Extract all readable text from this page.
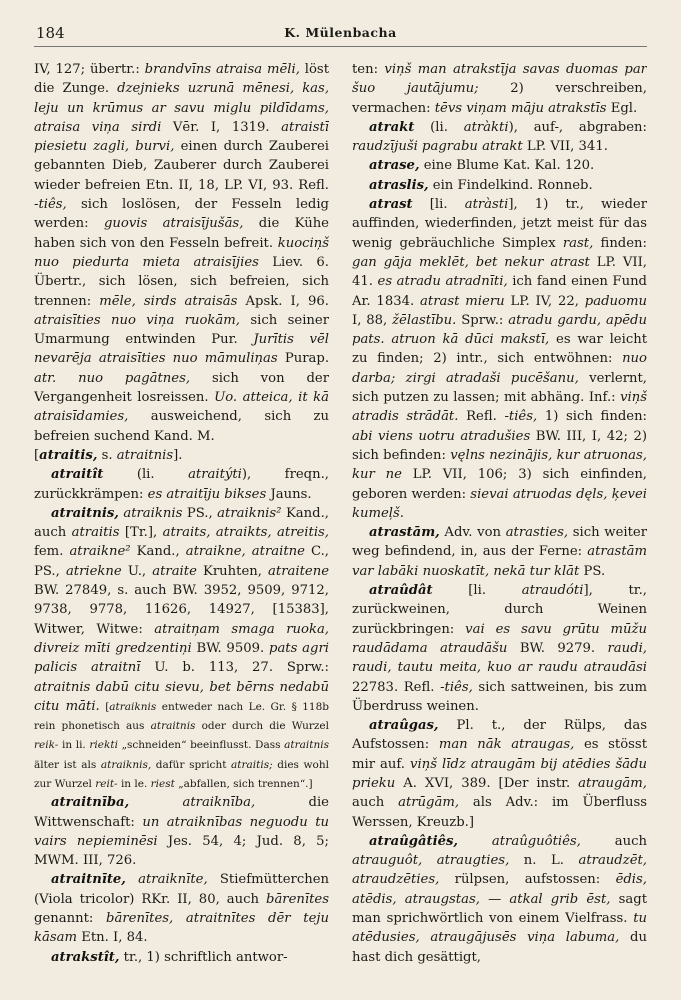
184	K. Mülenbacha

IV, 127; übertr.: brandvīns atraisa mēli, löst die Zunge. dzejnieks uzrunā mēnesi, kas, leju un krūmus ar savu miglu pildīdams, atraisa viņa sirdi Vēr. I, 1319. atraistī piesietu zagli, burvi, einen durch Zauberei gebannten Dieb, Zauberer durch Zauberei wieder befreien Etn. II, 18, LP. VI, 93. Refl. -tiês, sich loslösen, der Fesseln ledig werden: guovis atraisījušās, die Kühe haben sich von den Fesseln befreit. kuociņš nuo piedurta mieta atraisījies Liev. 6. Übertr., sich lösen, sich befreien, sich trennen: mēle, sirds atraisās Apsk. I, 96. atraisīties nuo viņa ruokām, sich seiner Umarmung entwinden Pur. Jurītis vēl nevarēja atraisīties nuo māmuliņas Purap. atr. nuo pagātnes, sich von der Vergangenheit losreissen. Uo. atteica, it kā atraisīdamies, ausweichend, sich zu befreien suchend Kand. M.

[atraitis, s. atraitnis].

atraitît (li. atraitýti), freqn., zurückkrämpen: es atraitīju bikses Jauns.

atraitnis, atraiknis PS., atraiknis² Kand., auch atraitis [Tr.], atraits, atraikts, atreitis, fem. atraikne² Kand., atraikne, atraitne C., PS., atriekne U., atraite Kruhten, atraitene BW. 27849, s. auch BW. 3952, 9509, 9712, 9738, 9778, 11626, 14927, [15383], Witwer, Witwe: atraitņam smaga ruoka, divreiz mīti gredzentiņi BW. 9509. pats agri palicis atraitnī U. b. 113, 27. Sprw.: atraitnis dabū citu sievu, bet bērns nedabū citu māti. [atraiknis entweder nach Le. Gr. § 118b rein phonetisch aus atraitnis oder durch die Wurzel reik- in li. riekti „schneiden“ beeinflusst. Dass atraitnis älter ist als atraiknis, dafür spricht atraitis; dies wohl zur Wurzel reit- in le. riest „abfallen, sich trennen“.]

atraitnība,	atraiknība, die Wittwenschaft: un atraiknības neguodu tu vairs nepieminēsi Jes. 54, 4; Jud. 8, 5; MWM. III, 726.

atraitnīte, atraiknīte, Stiefmütterchen (Viola tricolor) RKr. II, 80, auch bārenītes genannt: bārenītes, atraitnītes dēr teju kāsam Etn. I, 84.

atrakstît, tr., 1) schriftlich antwor-

ten: viņš man atrakstīja savas duomas par šuo jautājumu; 2) verschreiben, vermachen: tēvs viņam māju atrakstīs Egl.

atrakt (li. atràkti), auf-, abgraben: raudzījuši pagrabu atrakt LP. VII, 341.

atrase, eine Blume Kat. Kal. 120.

atraslis, ein Findelkind. Ronneb.

atrast [li. atràsti], 1) tr., wieder auffinden, wiederfinden, jetzt meist für das wenig gebräuchliche Simplex rast, finden: gan gāja meklēt, bet nekur atrast LP. VII, 41. es atradu atradnīti, ich fand einen Fund Ar. 1834. atrast mieru LP. IV, 22, paduomu I, 88, žēlastību. Sprw.: atradu gardu, apēdu pats. atruon kā dūci makstī, es war leicht zu finden; 2) intr., sich entwöhnen: nuo darba; zirgi atradaši pucēšanu, verlernt, sich putzen zu lassen; mit abhäng. Inf.: viņš atradis strādāt. Refl. -tiês, 1) sich finden: abi viens uotru atradušies BW. III, I, 42; 2) sich befinden: vęlns nezinājis, kur atruonas, kur ne LP. VII, 106; 3) sich einfinden, geboren werden: sievai atruodas dęls, ķevei kumeļš.

atrastām, Adv. von atrasties, sich weiter weg befindend, in, aus der Ferne: atrastām var labāki nuoskatīt, nekā tur klāt PS.

atraûdât [li. atraudóti], tr., zurückweinen, durch Weinen zurückbringen: vai es savu grūtu mūžu raudādama atraudāšu BW. 9279. raudi, raudi, tautu meita, kuo ar raudu atraudāsi 22783. Refl. -tiês, sich sattweinen, bis zum Überdruss weinen.

atraûgas, Pl. t., der Rülps, das Aufstossen: man nāk atraugas, es stösst mir auf. viņš līdz atraugām bij atēdies šādu prieku A. XVI, 389. [Der instr. atraugām, auch atrūgām, als Adv.: im Überfluss Werssen, Kreuzb.]

atraûgâtiês,	atraûguôtiês, auch atrauguôt, atraugties, n. L. atraudzēt, atraudzēties, rülpsen, aufstossen: ēdis, atēdis, atraugstas, — atkal grib ēst, sagt man sprichwörtlich von einem Vielfrass. tu atēdusies, atraugājusēs viņa labuma, du hast dich gesättigt,
